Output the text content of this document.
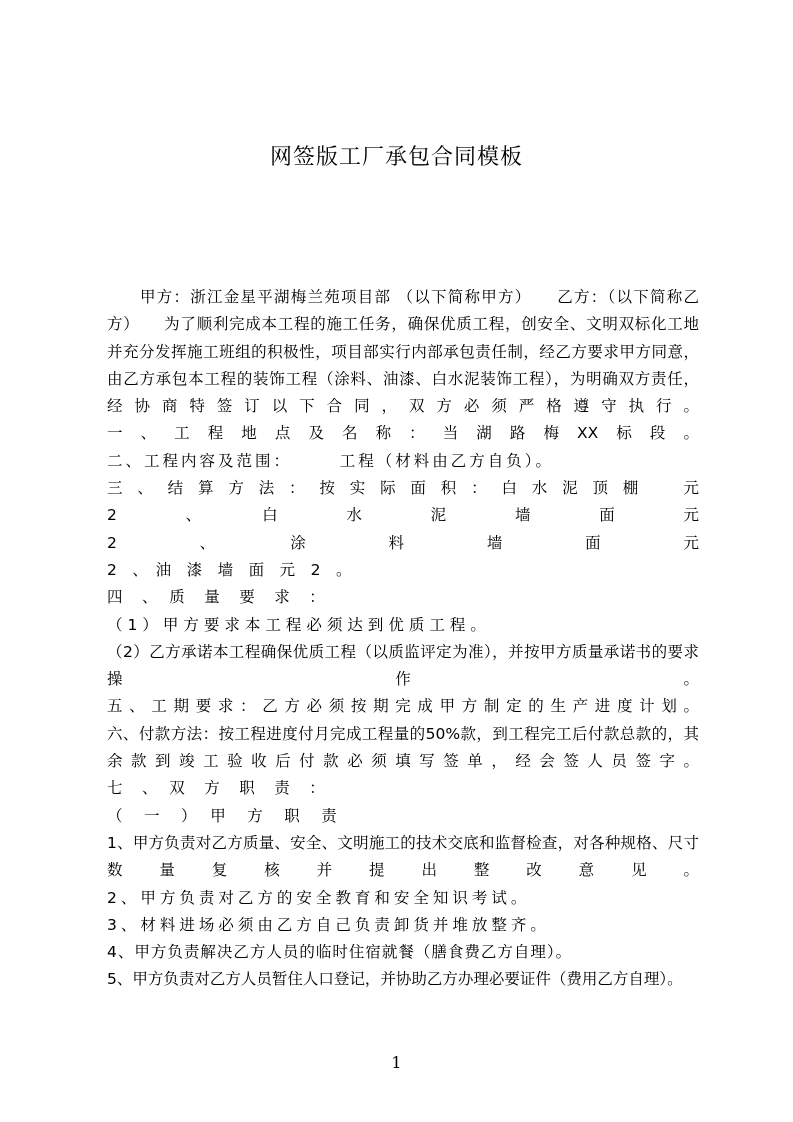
网签版工厂承包合同模板
甲方：浙江金星平湖梅兰苑项目部 （以下简称甲方）　　乙方：（以下简称乙
方）　　为了顺利完成本工程的施工任务，确保优质工程，创安全、文明双标化工地
并充分发挥施工班组的积极性，项目部实行内部承包责任制，经乙方要求甲方同意，
由乙方承包本工程的装饰工程（涂料、油漆、白水泥装饰工程），为明确双方责任，
经协商特签订以下合同，双方必须严格遵守执行。
一、工程地点及名称：当湖路梅XX标段。
二、工程内容及范围：　　　工程（材料由乙方自负）。
三、结算方法：按实际面积：白水泥顶棚　元
2　、　白　水　泥　墙　面　元
2　、　涂　料　墙　面　元
2　、　油　漆　墙　面　元　2　。
四　、　质　量　要　求　：
（1）甲方要求本工程必须达到优质工程。
（2）乙方承诺本工程确保优质工程（以质监评定为准），并按甲方质量承诺书的要求
操　作　。
五、工期要求：乙方必须按期完成甲方制定的生产进度计划。
六、付款方法：按工程进度付月完成工程量的50%款，到工程完工后付款总款的，其
余款到竣工验收后付款必须填写签单，经会签人员签字。
七　、　双　方　职　责　：
（　一　）　甲　方　职　责
1、甲方负责对乙方质量、安全、文明施工的技术交底和监督检查，对各种规格、尺寸
数　量　复　核　并　提　出　整　改　意　见　。
2、甲方负责对乙方的安全教育和安全知识考试。
3、材料进场必须由乙方自己负责卸货并堆放整齐。
4、甲方负责解决乙方人员的临时住宿就餐（膳食费乙方自理）。
5、甲方负责对乙方人员暂住人口登记，并协助乙方办理必要证件（费用乙方自理）。
1
